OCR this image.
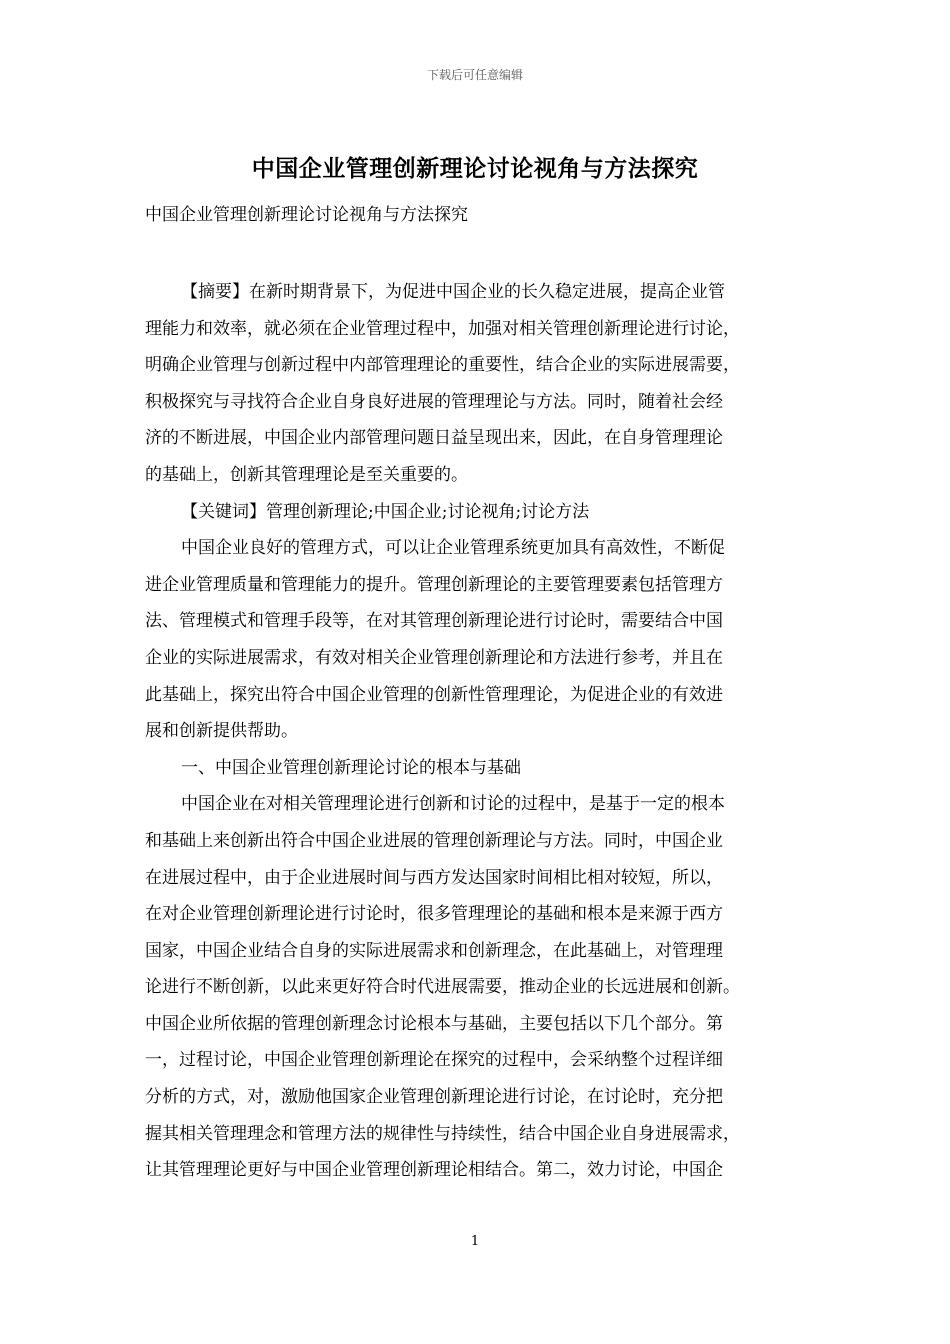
下载后可任意编辑
中国企业管理创新理论讨论视角与方法探究
中国企业管理创新理论讨论视角与方法探究
【摘要】在新时期背景下，为促进中国企业的长久稳定进展，提高企业管
理能力和效率，就必须在企业管理过程中，加强对相关管理创新理论进行讨论，
明确企业管理与创新过程中内部管理理论的重要性，结合企业的实际进展需要，
积极探究与寻找符合企业自身良好进展的管理理论与方法。同时，随着社会经
济的不断进展，中国企业内部管理问题日益呈现出来，因此，在自身管理理论
的基础上，创新其管理理论是至关重要的。
【关键词】管理创新理论;中国企业;讨论视角;讨论方法
中国企业良好的管理方式，可以让企业管理系统更加具有高效性，不断促
进企业管理质量和管理能力的提升。管理创新理论的主要管理要素包括管理方
法、管理模式和管理手段等，在对其管理创新理论进行讨论时，需要结合中国
企业的实际进展需求，有效对相关企业管理创新理论和方法进行参考，并且在
此基础上，探究出符合中国企业管理的创新性管理理论，为促进企业的有效进
展和创新提供帮助。
一、中国企业管理创新理论讨论的根本与基础
中国企业在对相关管理理论进行创新和讨论的过程中，是基于一定的根本
和基础上来创新出符合中国企业进展的管理创新理论与方法。同时，中国企业
在进展过程中，由于企业进展时间与西方发达国家时间相比相对较短，所以，
在对企业管理创新理论进行讨论时，很多管理理论的基础和根本是来源于西方
国家，中国企业结合自身的实际进展需求和创新理念，在此基础上，对管理理
论进行不断创新，以此来更好符合时代进展需要，推动企业的长远进展和创新。
中国企业所依据的管理创新理念讨论根本与基础，主要包括以下几个部分。第
一，过程讨论，中国企业管理创新理论在探究的过程中，会采纳整个过程详细
分析的方式，对，激励他国家企业管理创新理论进行讨论，在讨论时，充分把
握其相关管理理念和管理方法的规律性与持续性，结合中国企业自身进展需求，
让其管理理论更好与中国企业管理创新理论相结合。第二，效力讨论，中国企
1
